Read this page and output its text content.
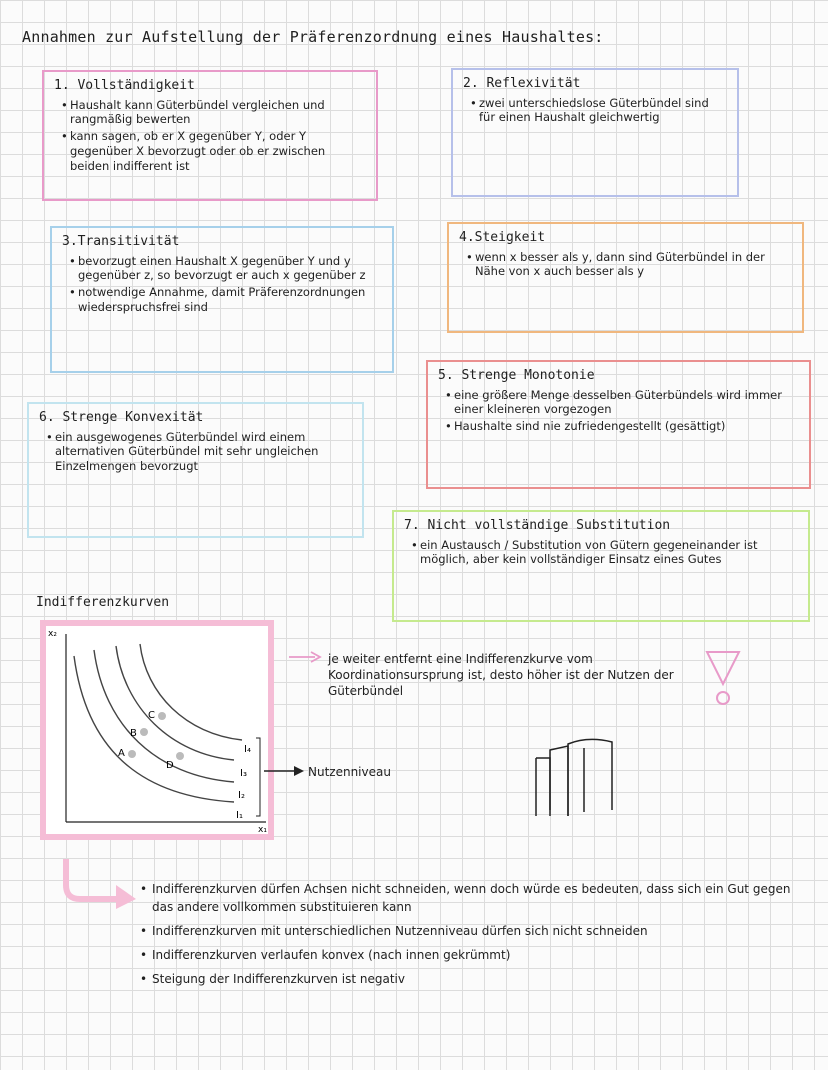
Annahmen zur Aufstellung der Präferenzordnung eines Haushaltes:
1. Vollständigkeit
• Haushalt kann Güterbündel vergleichen und rangmäßig bewerten
• kann sagen, ob er X gegenüber Y, oder Y gegenüber X bevorzugt oder ob er zwischen beiden indifferent ist
2. Reflexivität
• zwei unterschiedslose Güterbündel sind für einen Haushalt gleichwertig
3.Transitivität
• bevorzugt einen Haushalt X gegenüber Y und y gegenüber z, so bevorzugt er auch x gegenüber z
• notwendige Annahme, damit Präferenzordnungen wiederspruchsfrei sind
4.Steigkeit
• wenn x besser als y, dann sind Güterbündel in der Nähe von x auch besser als y
5. Strenge Monotonie
• eine größere Menge desselben Güterbündels wird immer einer kleineren vorgezogen
• Haushalte sind nie zufriedengestellt (gesättigt)
6. Strenge Konvexität
• ein ausgewogenes Güterbündel wird einem alternativen Güterbündel mit sehr ungleichen Einzelmengen bevorzugt
7. Nicht vollständige Substitution
• ein Austausch / Substitution von Gütern gegeneinander ist möglich, aber kein vollständiger Einsatz eines Gutes
Indifferenzkurven
x₂
x₁
A
B
C
D
I₄
I₃
I₂
I₁
je weiter entfernt eine Indifferenzkurve vom Koordinationsursprung ist, desto höher ist der Nutzen der Güterbündel
Nutzenniveau
• Indifferenzkurven dürfen Achsen nicht schneiden, wenn doch würde es bedeuten, dass sich ein Gut gegen das andere vollkommen substituieren kann
• Indifferenzkurven mit unterschiedlichen Nutzenniveau dürfen sich nicht schneiden
• Indifferenzkurven verlaufen konvex (nach innen gekrümmt)
• Steigung der Indifferenzkurven ist negativ
